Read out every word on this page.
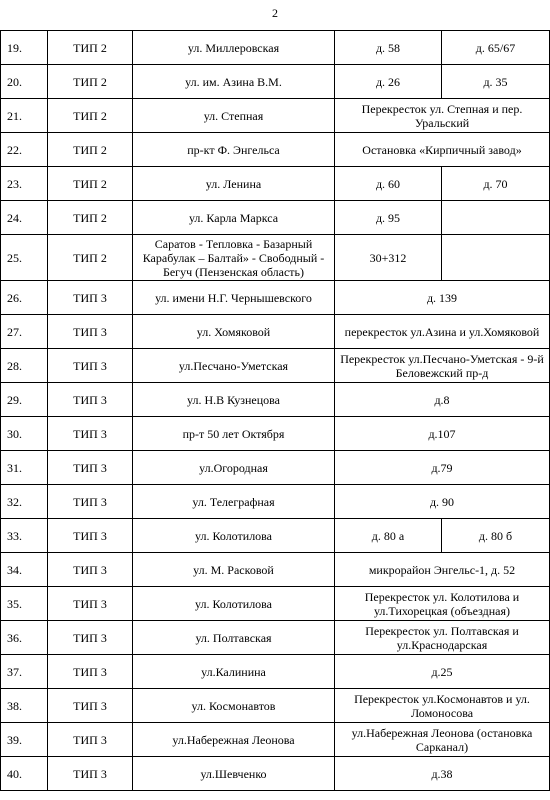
2
19.	ТИП 2	ул. Миллеровская	д. 58	д. 65/67
20.	ТИП 2	ул. им. Азина В.М.	д. 26	д. 35
21.	ТИП 2	ул. Степная	Перекресток ул. Степная и пер. Уральский	
22.	ТИП 2	пр-кт Ф. Энгельса	Остановка «Кирпичный завод»	
23.	ТИП 2	ул. Ленина	д. 60	д. 70
24.	ТИП 2	ул. Карла Маркса	д. 95	
25.	ТИП 2	Саратов - Тепловка - Базарный Карабулак – Балтай» - Свободный - Бегуч (Пензенская область)	30+312	
26.	ТИП 3	ул. имени Н.Г. Чернышевского	д. 139	
27.	ТИП 3	ул. Хомяковой	перекресток ул.Азина и ул.Хомяковой	
28.	ТИП 3	ул.Песчано-Уметская	Перекресток ул.Песчано-Уметская - 9-й Беловежский пр-д	
29.	ТИП 3	ул. Н.В Кузнецова	д.8	
30.	ТИП 3	пр-т 50 лет Октября	д.107	
31.	ТИП 3	ул.Огородная	д.79	
32.	ТИП 3	ул. Телеграфная	д. 90	
33.	ТИП 3	ул. Колотилова	д. 80 а	д. 80 б
34.	ТИП 3	ул. М. Расковой	микрорайон Энгельс-1, д. 52	
35.	ТИП 3	ул. Колотилова	Перекресток ул. Колотилова и ул.Тихорецкая (объездная)	
36.	ТИП 3	ул. Полтавская	Перекресток ул. Полтавская и ул.Краснодарская	
37.	ТИП 3	ул.Калинина	д.25	
38.	ТИП 3	ул. Космонавтов	Перекресток ул.Космонавтов и ул. Ломоносова	
39.	ТИП 3	ул.Набережная Леонова	ул.Набережная Леонова (остановка Сарканал)	
40.	ТИП 3	ул.Шевченко	д.38	
